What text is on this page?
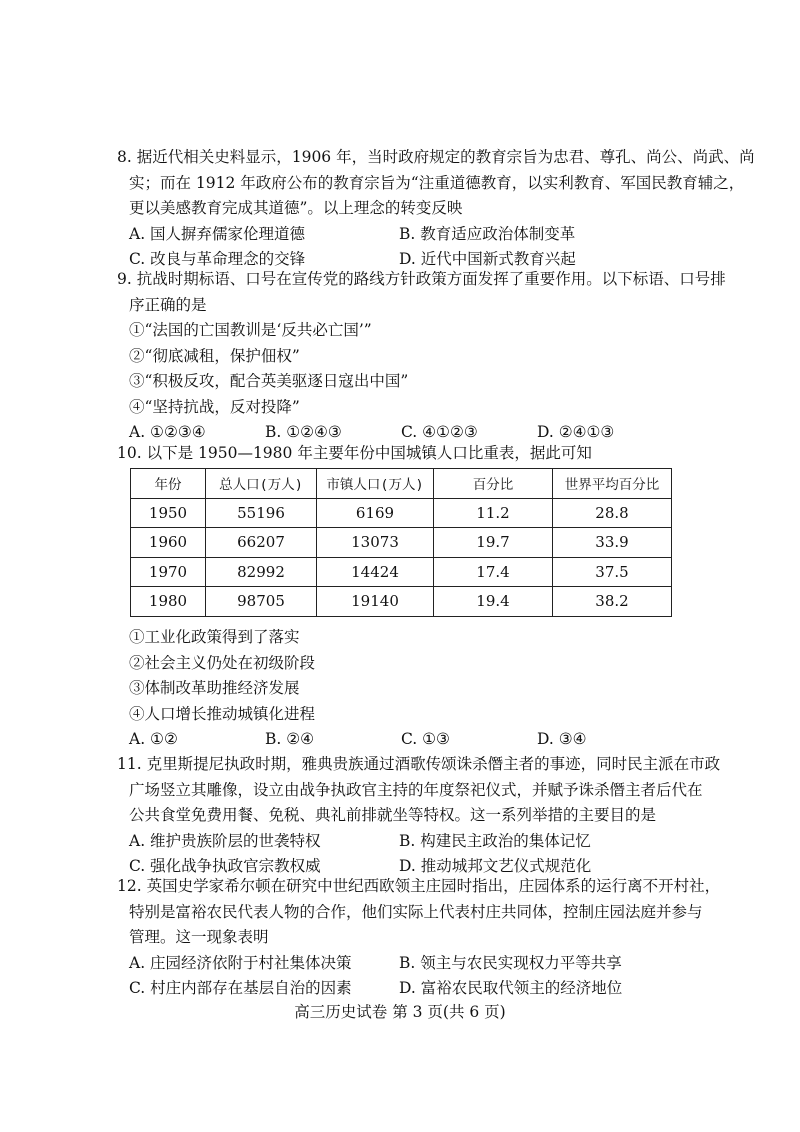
8. 据近代相关史料显示，1906 年，当时政府规定的教育宗旨为忠君、尊孔、尚公、尚武、尚
实；而在 1912 年政府公布的教育宗旨为“注重道德教育，以实利教育、军国民教育辅之，
更以美感教育完成其道德”。以上理念的转变反映
A. 国人摒弃儒家伦理道德	B. 教育适应政治体制变革
C. 改良与革命理念的交锋	D. 近代中国新式教育兴起
9. 抗战时期标语、口号在宣传党的路线方针政策方面发挥了重要作用。以下标语、口号排
序正确的是
①“法国的亡国教训是‘反共必亡国’”
②“彻底减租，保护佃权”
③“积极反攻，配合英美驱逐日寇出中国”
④“坚持抗战，反对投降”
A. ①②③④	B. ①②④③	C. ④①②③	D. ②④①③
10. 以下是 1950—1980 年主要年份中国城镇人口比重表，据此可知
年份	总人口(万人)	市镇人口(万人)	百分比	世界平均百分比
1950	55196	6169	11.2	28.8
1960	66207	13073	19.7	33.9
1970	82992	14424	17.4	37.5
1980	98705	19140	19.4	38.2
①工业化政策得到了落实
②社会主义仍处在初级阶段
③体制改革助推经济发展
④人口增长推动城镇化进程
A. ①②	B. ②④	C. ①③	D. ③④
11. 克里斯提尼执政时期，雅典贵族通过酒歌传颂诛杀僭主者的事迹，同时民主派在市政
广场竖立其雕像，设立由战争执政官主持的年度祭祀仪式，并赋予诛杀僭主者后代在
公共食堂免费用餐、免税、典礼前排就坐等特权。这一系列举措的主要目的是
A. 维护贵族阶层的世袭特权	B. 构建民主政治的集体记忆
C. 强化战争执政官宗教权威	D. 推动城邦文艺仪式规范化
12. 英国史学家希尔顿在研究中世纪西欧领主庄园时指出，庄园体系的运行离不开村社，
特别是富裕农民代表人物的合作，他们实际上代表村庄共同体，控制庄园法庭并参与
管理。这一现象表明
A. 庄园经济依附于村社集体决策	B. 领主与农民实现权力平等共享
C. 村庄内部存在基层自治的因素	D. 富裕农民取代领主的经济地位
高三历史试卷 第 3 页(共 6 页)
